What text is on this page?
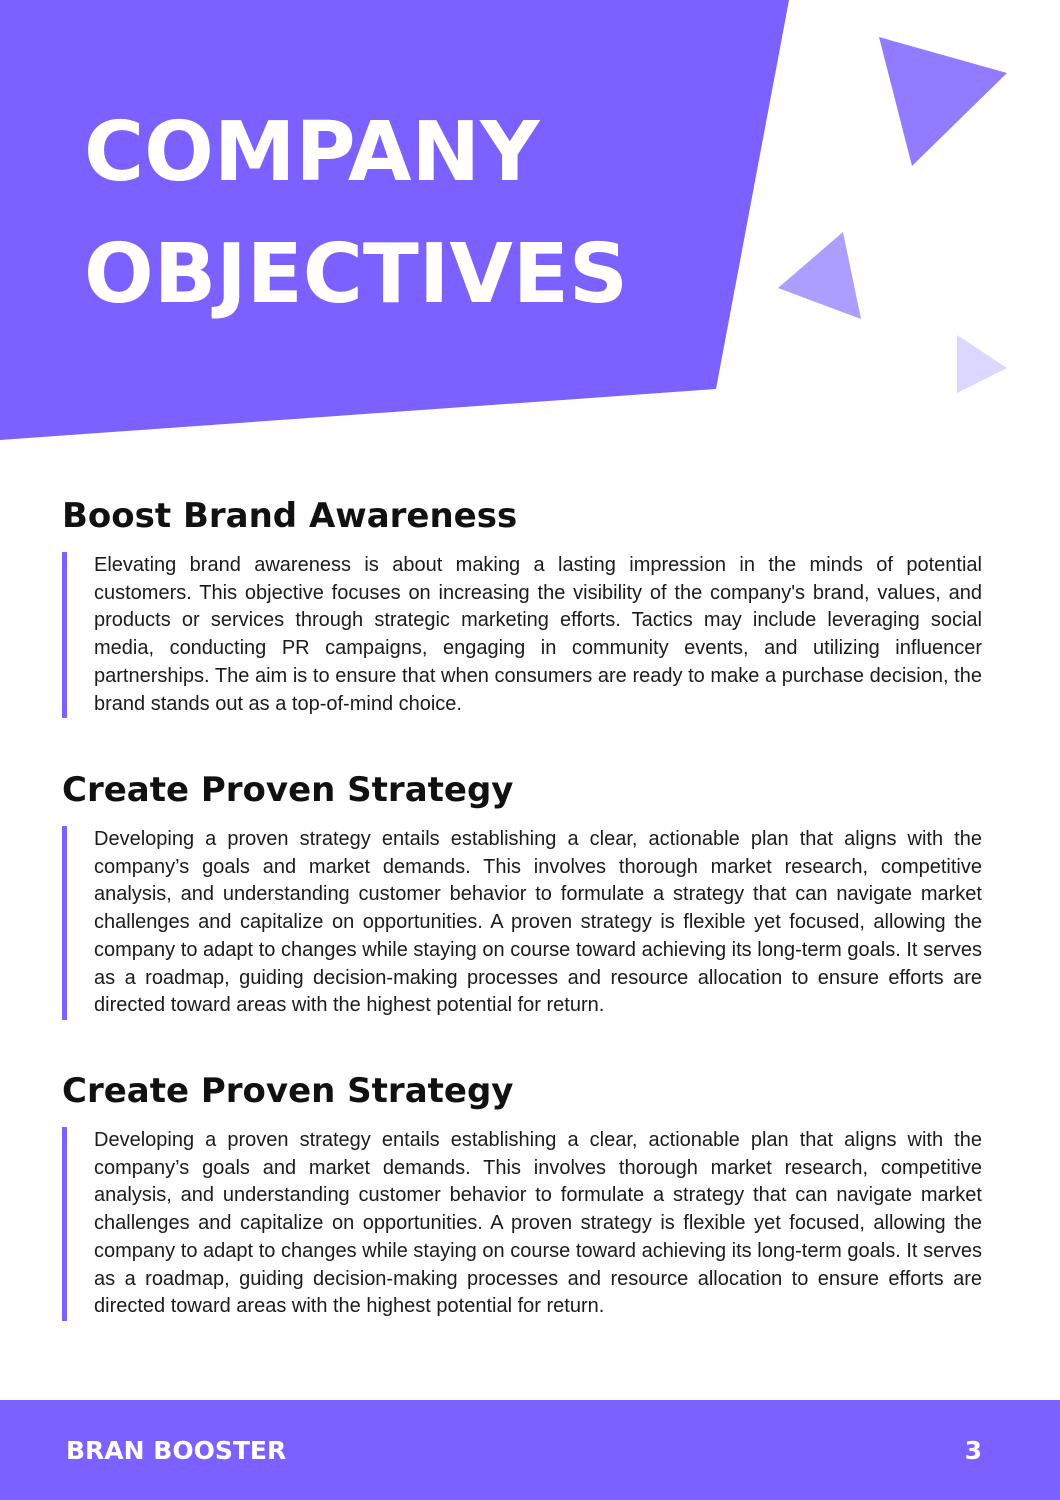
COMPANY
OBJECTIVES
Boost Brand Awareness

Elevating brand awareness is about making a lasting impression in the minds of potential customers. This objective focuses on increasing the visibility of the company's brand, values, and products or services through strategic marketing efforts. Tactics may include leveraging social media, conducting PR campaigns, engaging in community events, and utilizing influencer partnerships. The aim is to ensure that when consumers are ready to make a purchase decision, the brand stands out as a top-of-mind choice.

Create Proven Strategy

Developing a proven strategy entails establishing a clear, actionable plan that aligns with the company’s goals and market demands. This involves thorough market research, competitive analysis, and understanding customer behavior to formulate a strategy that can navigate market challenges and capitalize on opportunities. A proven strategy is flexible yet focused, allowing the company to adapt to changes while staying on course toward achieving its long-term goals. It serves as a roadmap, guiding decision-making processes and resource allocation to ensure efforts are directed toward areas with the highest potential for return.

Create Proven Strategy

Developing a proven strategy entails establishing a clear, actionable plan that aligns with the company’s goals and market demands. This involves thorough market research, competitive analysis, and understanding customer behavior to formulate a strategy that can navigate market challenges and capitalize on opportunities. A proven strategy is flexible yet focused, allowing the company to adapt to changes while staying on course toward achieving its long-term goals. It serves as a roadmap, guiding decision-making processes and resource allocation to ensure efforts are directed toward areas with the highest potential for return.

BRAN BOOSTER	3
